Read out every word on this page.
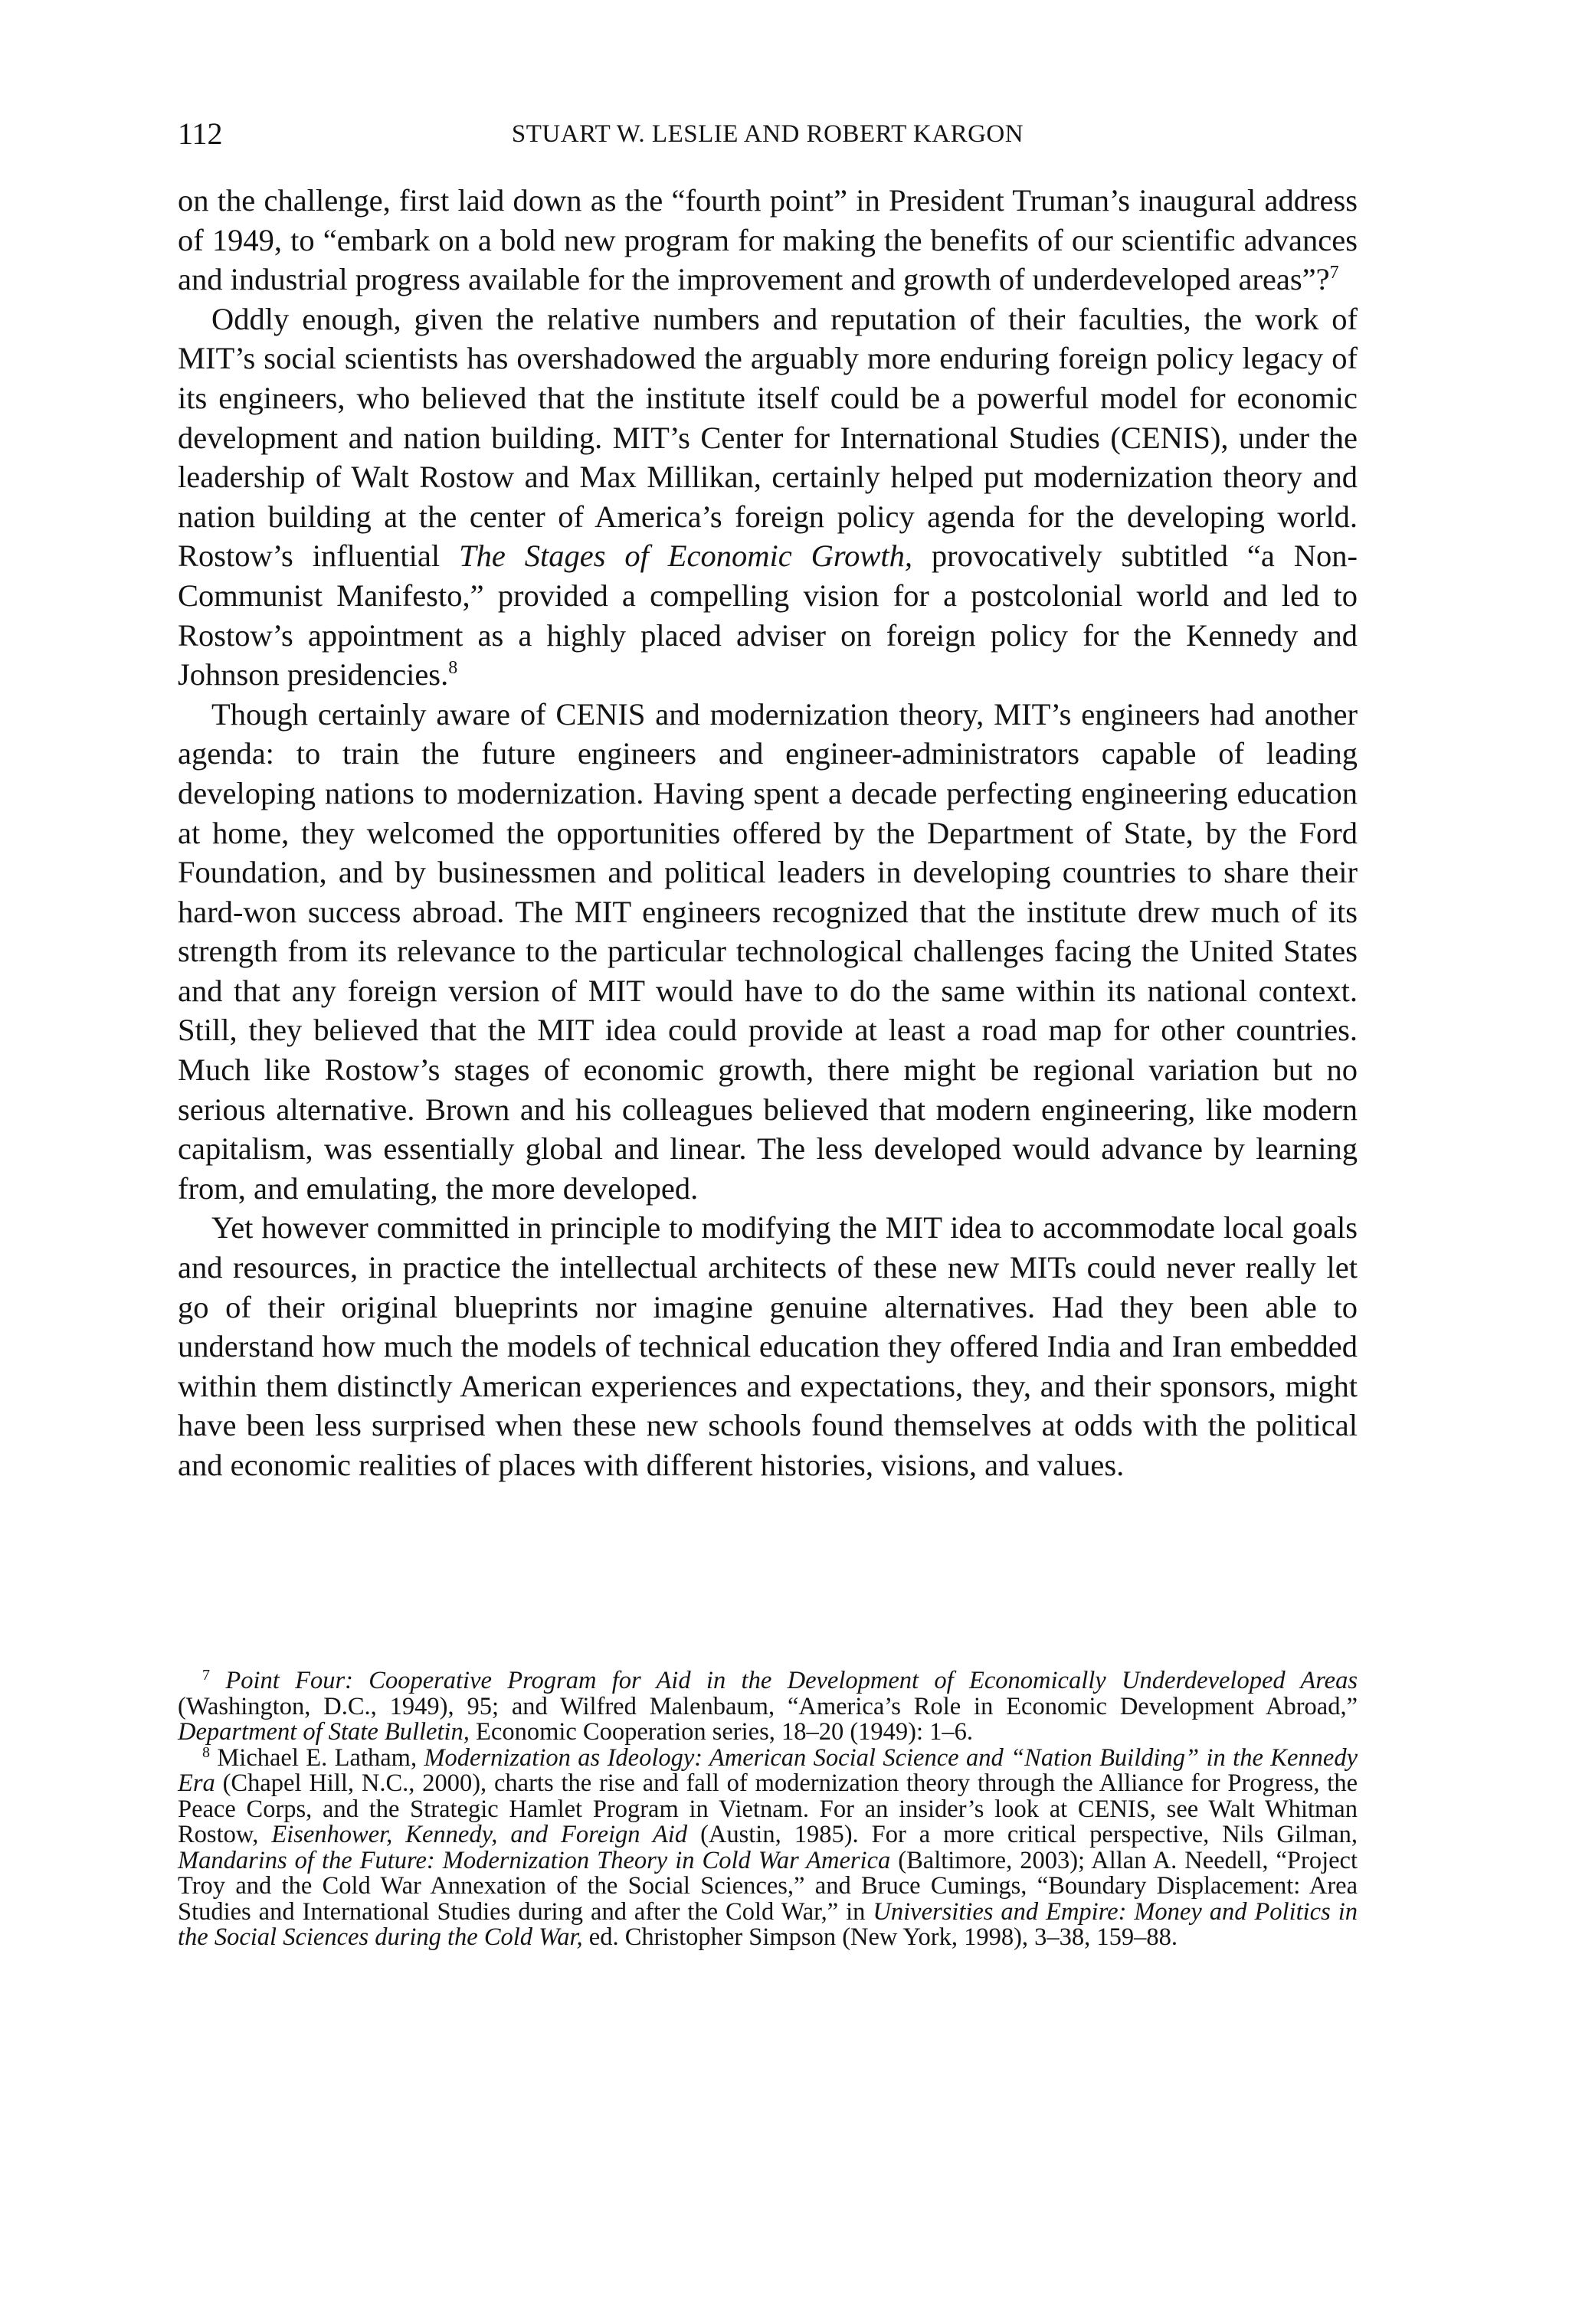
112	STUART W. LESLIE AND ROBERT KARGON

on the challenge, first laid down as the “fourth point” in President Truman’s inaugural address of 1949, to “embark on a bold new program for making the benefits of our scientific advances and industrial progress available for the improvement and growth of underdeveloped areas”?$^7$

Oddly enough, given the relative numbers and reputation of their faculties, the work of MIT’s social scientists has overshadowed the arguably more enduring foreign policy legacy of its engineers, who believed that the institute itself could be a powerful model for economic development and nation building. MIT’s Center for International Studies (CENIS), under the leadership of Walt Rostow and Max Millikan, certainly helped put modernization theory and nation building at the center of America’s foreign policy agenda for the developing world. Rostow’s influential The Stages of Economic Growth, provocatively subtitled “a Non-Communist Manifesto,” provided a compelling vision for a postcolonial world and led to Rostow’s appointment as a highly placed adviser on foreign policy for the Kennedy and Johnson presidencies.$^8$

Though certainly aware of CENIS and modernization theory, MIT’s engineers had another agenda: to train the future engineers and engineer-administrators capable of leading developing nations to modernization. Having spent a decade perfecting engineering education at home, they welcomed the opportunities offered by the Department of State, by the Ford Foundation, and by businessmen and political leaders in developing countries to share their hard-won success abroad. The MIT engineers recognized that the institute drew much of its strength from its relevance to the particular technological challenges facing the United States and that any foreign version of MIT would have to do the same within its national context. Still, they believed that the MIT idea could provide at least a road map for other countries. Much like Rostow’s stages of economic growth, there might be regional variation but no serious alternative. Brown and his colleagues believed that modern engineering, like modern capitalism, was essentially global and linear. The less developed would advance by learning from, and emulating, the more developed.

Yet however committed in principle to modifying the MIT idea to accommodate local goals and resources, in practice the intellectual architects of these new MITs could never really let go of their original blueprints nor imagine genuine alternatives. Had they been able to understand how much the models of technical education they offered India and Iran embedded within them distinctly American experiences and expectations, they, and their sponsors, might have been less surprised when these new schools found themselves at odds with the political and economic realities of places with different histories, visions, and values.

$^7$ Point Four: Cooperative Program for Aid in the Development of Economically Underdeveloped Areas (Washington, D.C., 1949), 95; and Wilfred Malenbaum, “America’s Role in Economic Development Abroad,” Department of State Bulletin, Economic Cooperation series, 18–20 (1949): 1–6.

$^8$ Michael E. Latham, Modernization as Ideology: American Social Science and “Nation Building” in the Kennedy Era (Chapel Hill, N.C., 2000), charts the rise and fall of modernization theory through the Alliance for Progress, the Peace Corps, and the Strategic Hamlet Program in Vietnam. For an insider’s look at CENIS, see Walt Whitman Rostow, Eisenhower, Kennedy, and Foreign Aid (Austin, 1985). For a more critical perspective, Nils Gilman, Mandarins of the Future: Modernization Theory in Cold War America (Baltimore, 2003); Allan A. Needell, “Project Troy and the Cold War Annexation of the Social Sciences,” and Bruce Cumings, “Boundary Displacement: Area Studies and International Studies during and after the Cold War,” in Universities and Empire: Money and Politics in the Social Sciences during the Cold War, ed. Christopher Simpson (New York, 1998), 3–38, 159–88.
